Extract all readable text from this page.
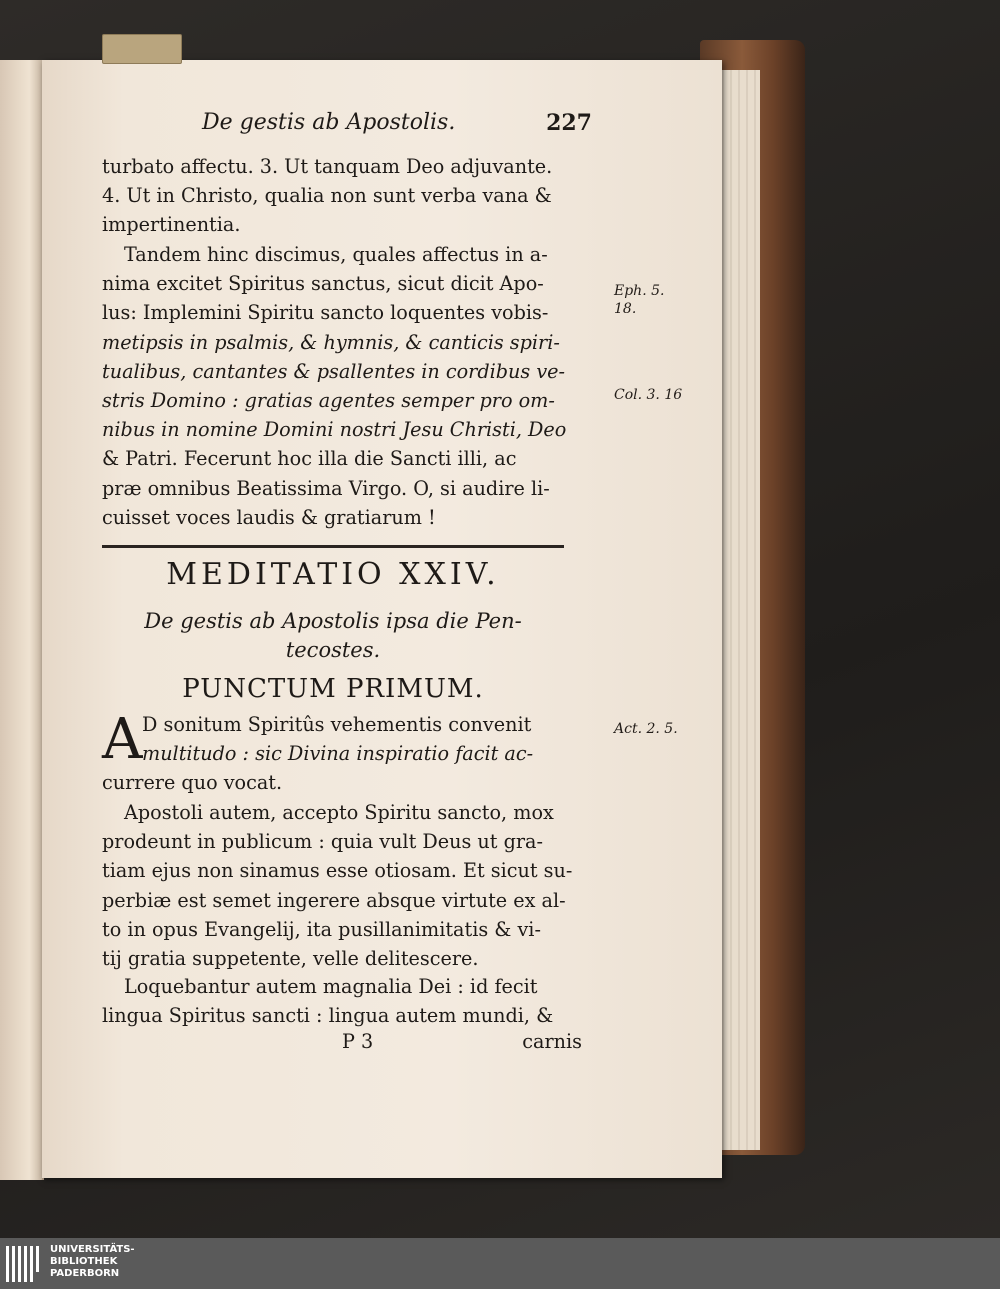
De gestis ab Apostolis.	227
turbato affectu. 3. Ut tanquam Deo adjuvante.
4. Ut in Christo, qualia non sunt verba vana &
impertinentia.
Tandem hinc discimus, quales affectus in a-
nima excitet Spiritus sanctus, sicut dicit Apo-
lus: Implemini Spiritu sancto loquentes vobis-
metipsis in psalmis, & hymnis, & canticis spiri-
tualibus, cantantes & psallentes in cordibus ve-
stris Domino : gratias agentes semper pro om-
nibus in nomine Domini nostri Jesu Christi, Deo
& Patri. Fecerunt hoc illa die Sancti illi, ac
præ omnibus Beatissima Virgo. O, si audire li-
cuisset voces laudis & gratiarum !
Eph. 5.
18.
Col. 3. 16
MEDITATIO XXIV.
De gestis ab Apostolis ipsa die Pen-
tecostes.
PUNCTUM PRIMUM.
A D sonitum Spiritûs vehementis convenit
multitudo : sic Divina inspiratio facit ac-
currere quo vocat.
Act. 2. 5.
Apostoli autem, accepto Spiritu sancto, mox
prodeunt in publicum : quia vult Deus ut gra-
tiam ejus non sinamus esse otiosam. Et sicut su-
perbiæ est semet ingerere absque virtute ex al-
to in opus Evangelij, ita pusillanimitatis & vi-
tij gratia suppetente, velle delitescere.
Loquebantur autem magnalia Dei : id fecit
lingua Spiritus sancti : lingua autem mundi, &
P 3	carnis
UNIVERSITÄTS-
BIBLIOTHEK
PADERBORN
